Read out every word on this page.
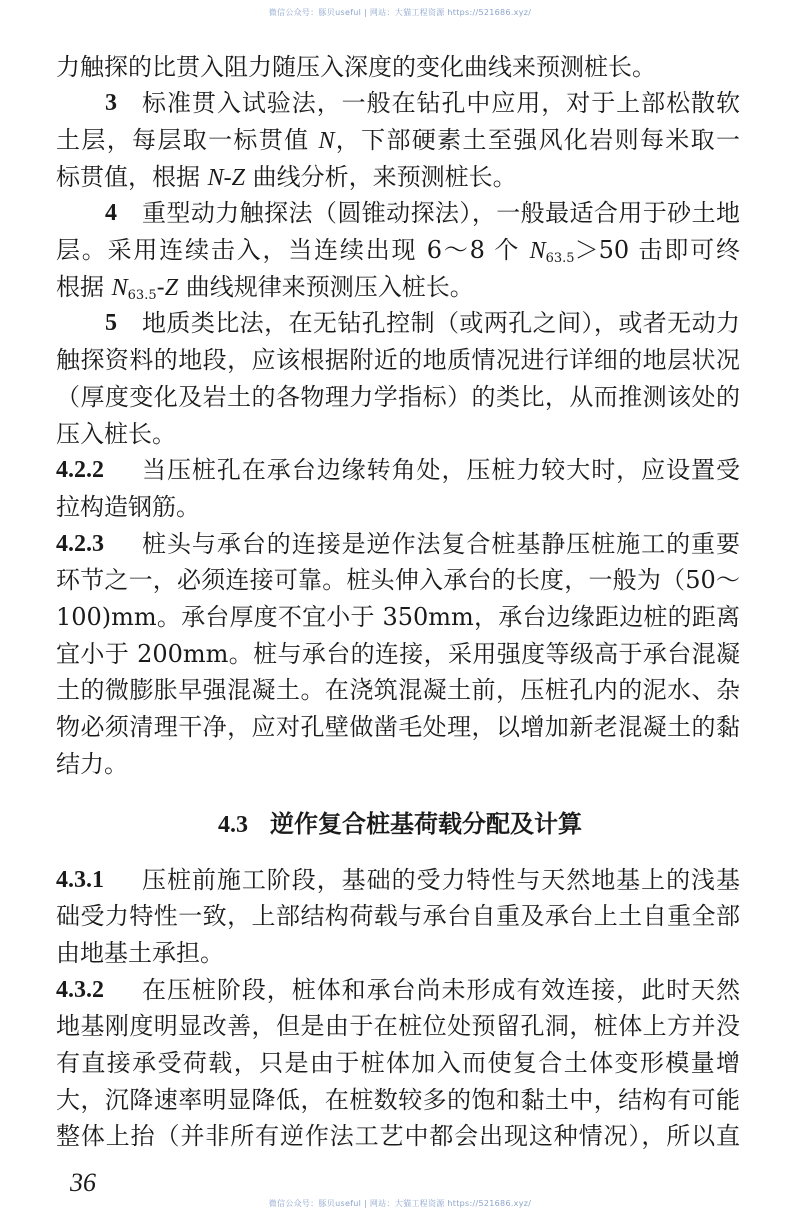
微信公众号：豚贝useful | 网站：大猫工程资源 https://521686.xyz/
力触探的比贯入阻力随压入深度的变化曲线来预测桩长。
3	标准贯入试验法，一般在钻孔中应用，对于上部松散软
土层，每层取一标贯值 N，下部硬素土至强风化岩则每米取一
标贯值，根据 N-Z 曲线分析，来预测桩长。
4	重型动力触探法（圆锥动探法），一般最适合用于砂土地
层。采用连续击入，当连续出现 6～8 个 $N_{63.5}>50$ 击即可终
根据 $N_{63.5}-Z$ 曲线规律来预测压入桩长。
5	地质类比法，在无钻孔控制（或两孔之间），或者无动力
触探资料的地段，应该根据附近的地质情况进行详细的地层状况
（厚度变化及岩土的各物理力学指标）的类比，从而推测该处的
压入桩长。
4.2.2	当压桩孔在承台边缘转角处，压桩力较大时，应设置受
拉构造钢筋。
4.2.3	桩头与承台的连接是逆作法复合桩基静压桩施工的重要
环节之一，必须连接可靠。桩头伸入承台的长度，一般为（50～
100)mm。承台厚度不宜小于 350mm，承台边缘距边桩的距离
宜小于 200mm。桩与承台的连接，采用强度等级高于承台混凝
土的微膨胀早强混凝土。在浇筑混凝土前，压桩孔内的泥水、杂
物必须清理干净，应对孔壁做凿毛处理，以增加新老混凝土的黏
结力。
4.3 逆作复合桩基荷载分配及计算
4.3.1	压桩前施工阶段，基础的受力特性与天然地基上的浅基
础受力特性一致，上部结构荷载与承台自重及承台上土自重全部
由地基土承担。
4.3.2	在压桩阶段，桩体和承台尚未形成有效连接，此时天然
地基刚度明显改善，但是由于在桩位处预留孔洞，桩体上方并没
有直接承受荷载，只是由于桩体加入而使复合土体变形模量增
大，沉降速率明显降低，在桩数较多的饱和黏土中，结构有可能
整体上抬（并非所有逆作法工艺中都会出现这种情况），所以直
36
微信公众号：豚贝useful | 网站：大猫工程资源 https://521686.xyz/
